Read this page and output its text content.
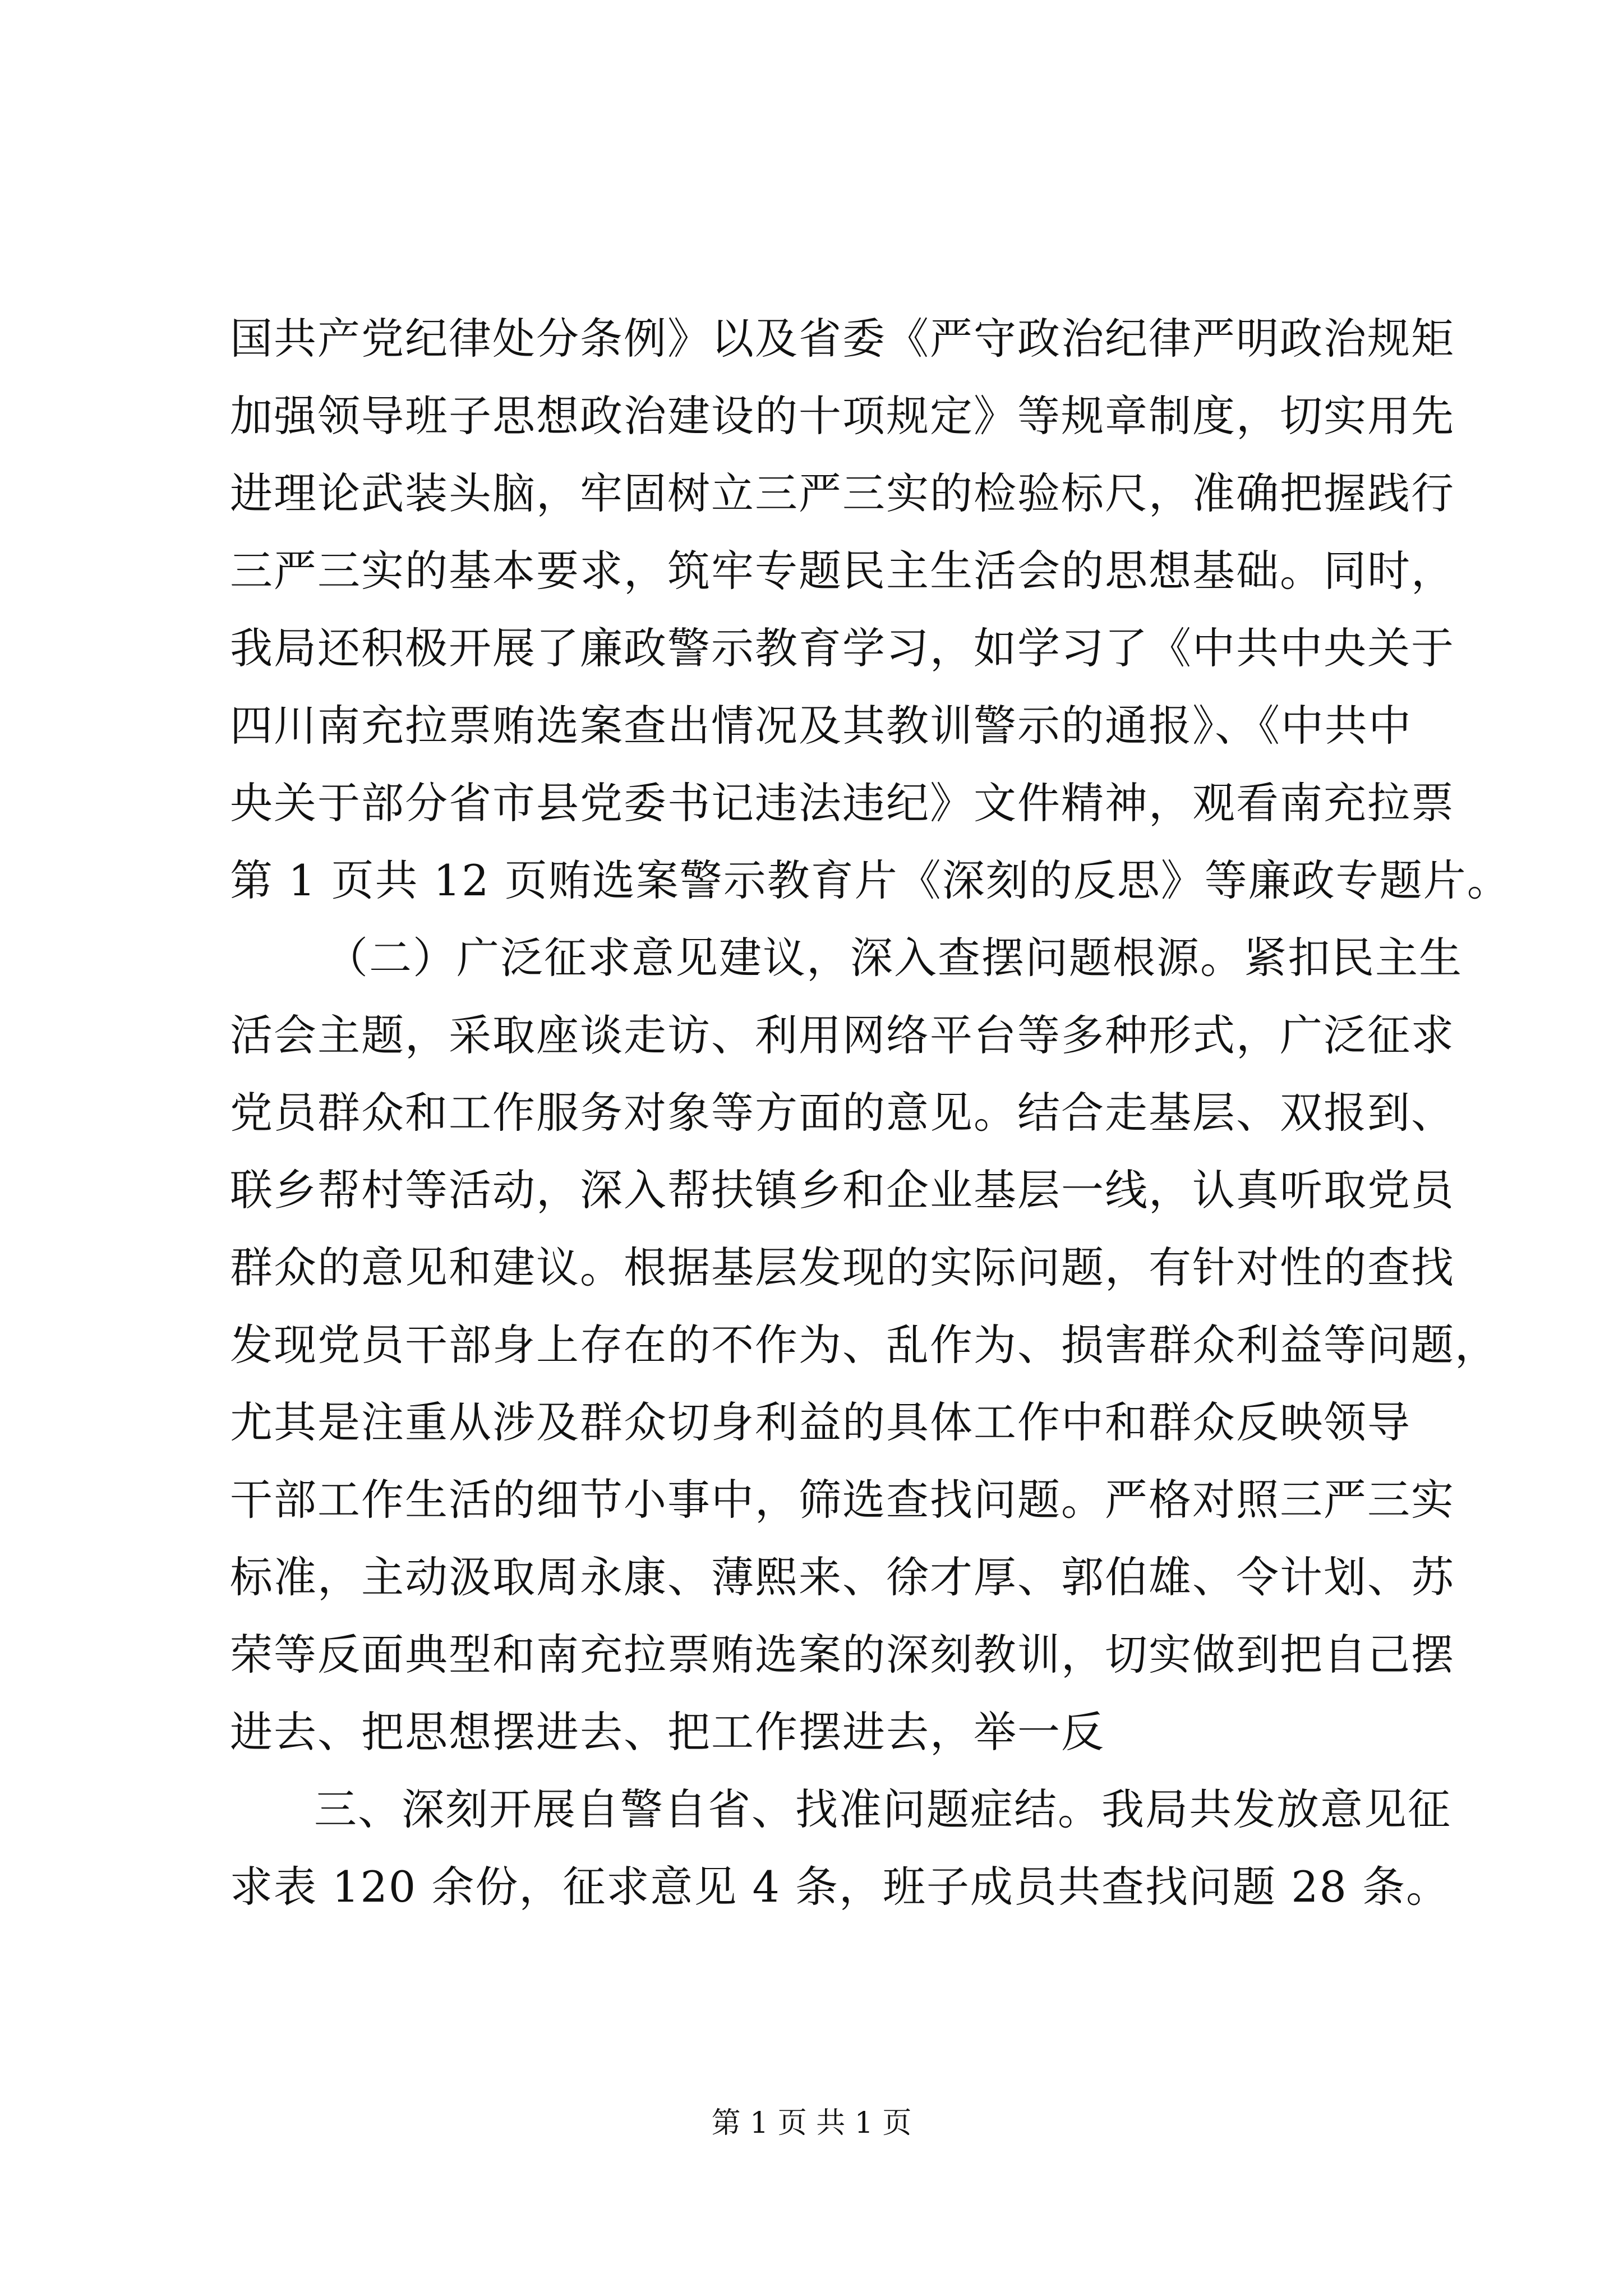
国共产党纪律处分条例》以及省委《严守政治纪律严明政治规矩
加强领导班子思想政治建设的十项规定》等规章制度，切实用先
进理论武装头脑，牢固树立三严三实的检验标尺，准确把握践行
三严三实的基本要求，筑牢专题民主生活会的思想基础。同时，
我局还积极开展了廉政警示教育学习，如学习了《中共中央关于
四川南充拉票贿选案查出情况及其教训警示的通报》、《中共中
央关于部分省市县党委书记违法违纪》文件精神，观看南充拉票
第 1 页共 12 页贿选案警示教育片《深刻的反思》等廉政专题片。
（二）广泛征求意见建议，深入查摆问题根源。紧扣民主生
活会主题，采取座谈走访、利用网络平台等多种形式，广泛征求
党员群众和工作服务对象等方面的意见。结合走基层、双报到、
联乡帮村等活动，深入帮扶镇乡和企业基层一线，认真听取党员
群众的意见和建议。根据基层发现的实际问题，有针对性的查找
发现党员干部身上存在的不作为、乱作为、损害群众利益等问题，
尤其是注重从涉及群众切身利益的具体工作中和群众反映领导
干部工作生活的细节小事中，筛选查找问题。严格对照三严三实
标准，主动汲取周永康、薄熙来、徐才厚、郭伯雄、令计划、苏
荣等反面典型和南充拉票贿选案的深刻教训，切实做到把自己摆
进去、把思想摆进去、把工作摆进去，举一反
三、深刻开展自警自省、找准问题症结。我局共发放意见征
求表 120 余份，征求意见 4 条，班子成员共查找问题 28 条。
第 1 页 共 1 页
